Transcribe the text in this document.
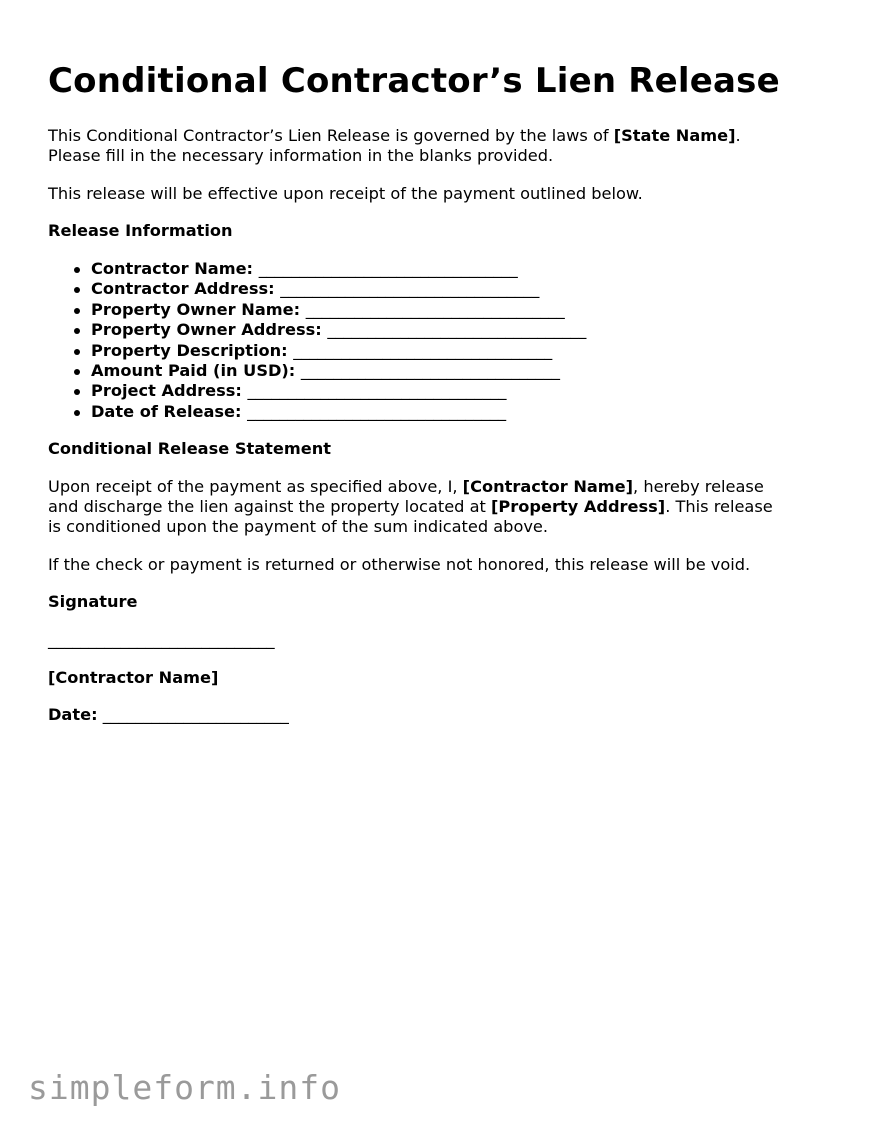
Conditional Contractor’s Lien Release
This Conditional Contractor’s Lien Release is governed by the laws of [State Name].
Please fill in the necessary information in the blanks provided.
This release will be effective upon receipt of the payment outlined below.
Release Information
Contractor Name: ________________________________
Contractor Address: ________________________________
Property Owner Name: ________________________________
Property Owner Address: ________________________________
Property Description: ________________________________
Amount Paid (in USD): ________________________________
Project Address: ________________________________
Date of Release: ________________________________
Conditional Release Statement
Upon receipt of the payment as specified above, I, [Contractor Name], hereby release
and discharge the lien against the property located at [Property Address]. This release
is conditioned upon the payment of the sum indicated above.
If the check or payment is returned or otherwise not honored, this release will be void.
Signature
____________________________
[Contractor Name]
Date: _______________________
simpleform.info
